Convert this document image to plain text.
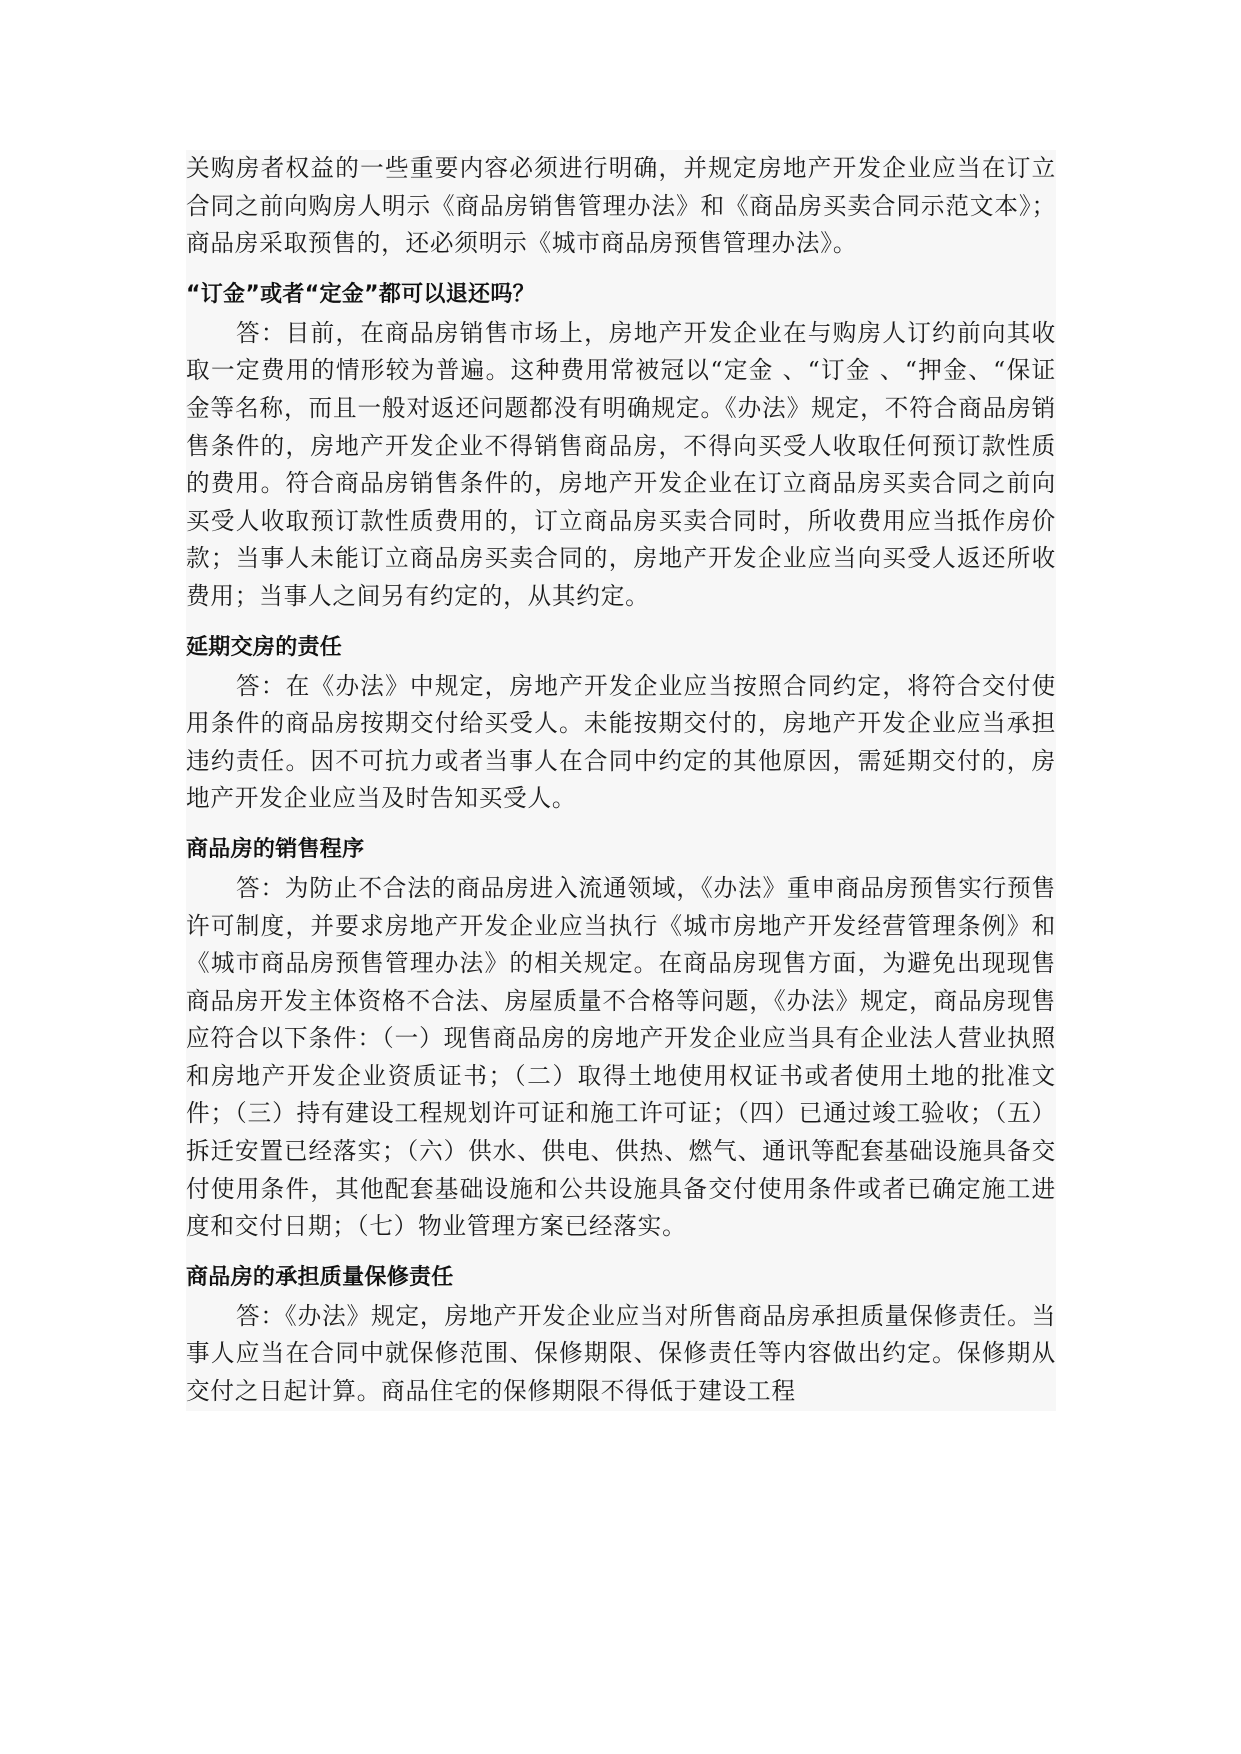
关购房者权益的一些重要内容必须进行明确，并规定房地产开发企业应当在订立合同之前向购房人明示《商品房销售管理办法》和《商品房买卖合同示范文本》；商品房采取预售的，还必须明示《城市商品房预售管理办法》。

“订金”或者“定金”都可以退还吗？

答：目前，在商品房销售市场上，房地产开发企业在与购房人订约前向其收取一定费用的情形较为普遍。这种费用常被冠以“定金 、“订金 、“押金、“保证金等名称，而且一般对返还问题都没有明确规定。《办法》规定，不符合商品房销售条件的，房地产开发企业不得销售商品房，不得向买受人收取任何预订款性质的费用。符合商品房销售条件的，房地产开发企业在订立商品房买卖合同之前向买受人收取预订款性质费用的，订立商品房买卖合同时，所收费用应当抵作房价款；当事人未能订立商品房买卖合同的，房地产开发企业应当向买受人返还所收费用；当事人之间另有约定的，从其约定。

延期交房的责任

答：在《办法》中规定，房地产开发企业应当按照合同约定，将符合交付使用条件的商品房按期交付给买受人。未能按期交付的，房地产开发企业应当承担违约责任。因不可抗力或者当事人在合同中约定的其他原因，需延期交付的，房地产开发企业应当及时告知买受人。

商品房的销售程序

答：为防止不合法的商品房进入流通领域，《办法》重申商品房预售实行预售许可制度，并要求房地产开发企业应当执行《城市房地产开发经营管理条例》和《城市商品房预售管理办法》的相关规定。在商品房现售方面，为避免出现现售商品房开发主体资格不合法、房屋质量不合格等问题，《办法》规定，商品房现售应符合以下条件：（一）现售商品房的房地产开发企业应当具有企业法人营业执照和房地产开发企业资质证书；（二）取得土地使用权证书或者使用土地的批准文件；（三）持有建设工程规划许可证和施工许可证；（四）已通过竣工验收；（五）拆迁安置已经落实；（六）供水、供电、供热、燃气、通讯等配套基础设施具备交付使用条件，其他配套基础设施和公共设施具备交付使用条件或者已确定施工进度和交付日期；（七）物业管理方案已经落实。

商品房的承担质量保修责任

答：《办法》规定，房地产开发企业应当对所售商品房承担质量保修责任。当事人应当在合同中就保修范围、保修期限、保修责任等内容做出约定。保修期从交付之日起计算。商品住宅的保修期限不得低于建设工程
